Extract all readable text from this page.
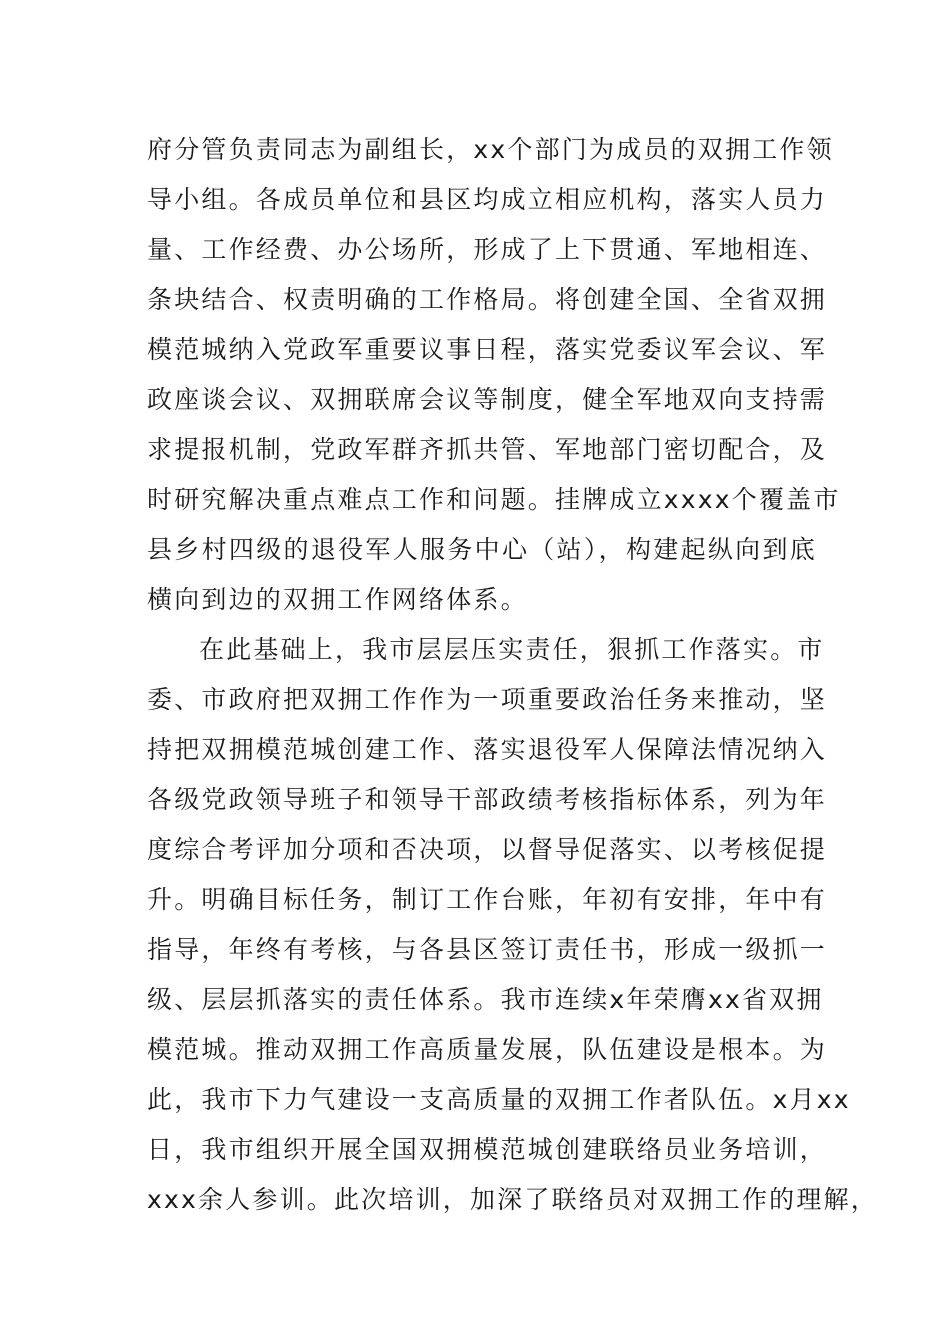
府分管负责同志为副组长，xx个部门为成员的双拥工作领
导小组。各成员单位和县区均成立相应机构，落实人员力
量、工作经费、办公场所，形成了上下贯通、军地相连、
条块结合、权责明确的工作格局。将创建全国、全省双拥
模范城纳入党政军重要议事日程，落实党委议军会议、军
政座谈会议、双拥联席会议等制度，健全军地双向支持需
求提报机制，党政军群齐抓共管、军地部门密切配合，及
时研究解决重点难点工作和问题。挂牌成立xxxx个覆盖市
县乡村四级的退役军人服务中心（站），构建起纵向到底
横向到边的双拥工作网络体系。
在此基础上，我市层层压实责任，狠抓工作落实。市
委、市政府把双拥工作作为一项重要政治任务来推动，坚
持把双拥模范城创建工作、落实退役军人保障法情况纳入
各级党政领导班子和领导干部政绩考核指标体系，列为年
度综合考评加分项和否决项，以督导促落实、以考核促提
升。明确目标任务，制订工作台账，年初有安排，年中有
指导，年终有考核，与各县区签订责任书，形成一级抓一
级、层层抓落实的责任体系。我市连续x年荣膺xx省双拥
模范城。推动双拥工作高质量发展，队伍建设是根本。为
此，我市下力气建设一支高质量的双拥工作者队伍。x月xx
日，我市组织开展全国双拥模范城创建联络员业务培训，
xxx余人参训。此次培训，加深了联络员对双拥工作的理解，
